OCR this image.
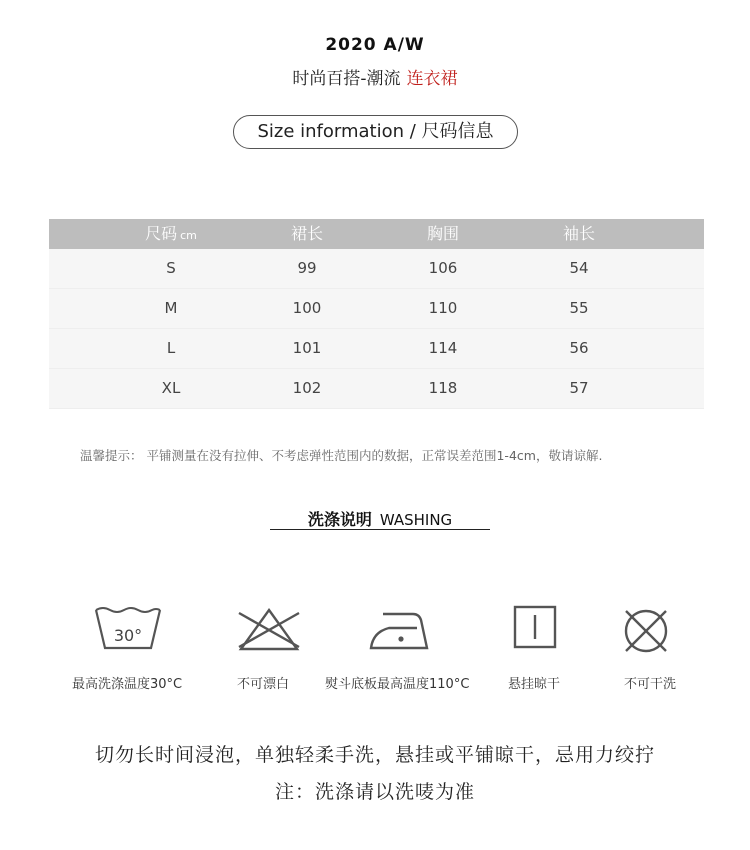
2020 A/W
时尚百搭-潮流 连衣裙
Size information / 尺码信息
尺码 cm	裙长	胸围	袖长
S	99	106	54
M	100	110	55
L	101	114	56
XL	102	118	57
温馨提示： 平铺测量在没有拉伸、不考虑弹性范围内的数据，正常误差范围1-4cm，敬请谅解.
洗涤说明 WASHING
30°
最高洗涤温度30°C	不可漂白	熨斗底板最高温度110°C	悬挂晾干	不可干洗
切勿长时间浸泡，单独轻柔手洗，悬挂或平铺晾干，忌用力绞拧
注：洗涤请以洗唛为准
